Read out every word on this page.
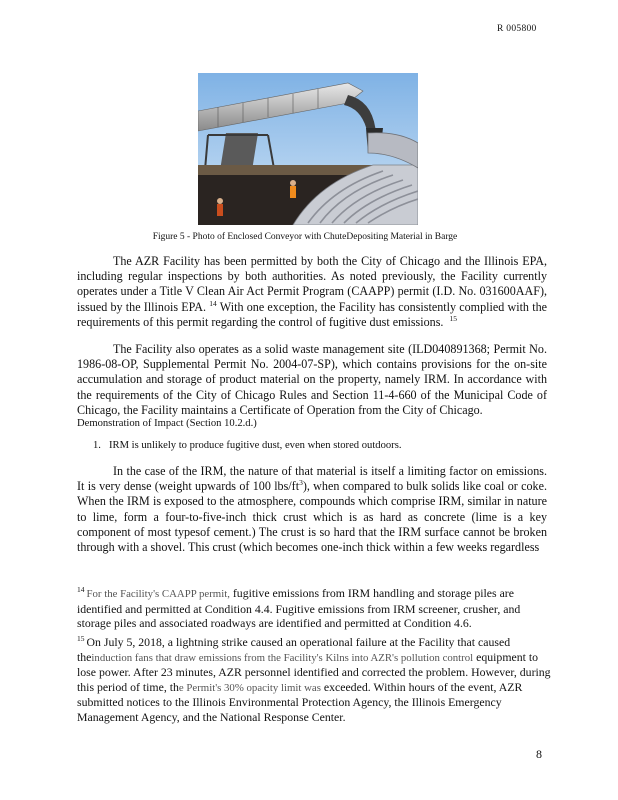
R 005800
Figure 5 - Photo of Enclosed Conveyor with ChuteDepositing Material in Barge

The AZR Facility has been permitted by both the City of Chicago and the Illinois EPA, including regular inspections by both authorities. As noted previously, the Facility currently operates under a Title V Clean Air Act Permit Program (CAAPP) permit (I.D. No. 031600AAF), issued by the Illinois EPA. $^{14}$ With one exception, the Facility has consistently complied with the requirements of this permit regarding the control of fugitive dust emissions. $^{15}$

The Facility also operates as a solid waste management site (ILD040891368; Permit No. 1986-08-OP, Supplemental Permit No. 2004-07-SP), which contains provisions for the on-site accumulation and storage of product material on the property, namely IRM. In accordance with the requirements of the City of Chicago Rules and Section 11-4-660 of the Municipal Code of Chicago, the Facility maintains a Certificate of Operation from the City of Chicago.

Demonstration of Impact (Section 10.2.d.)
1. IRM is unlikely to produce fugitive dust, even when stored outdoors.

In the case of the IRM, the nature of that material is itself a limiting factor on emissions. It is very dense (weight upwards of 100 lbs/$ft^3$), when compared to bulk solids like coal or coke. When the IRM is exposed to the atmosphere, compounds which comprise IRM, similar in nature to lime, form a four-to-five-inch thick crust which is as hard as concrete (lime is a key component of most typesof cement.) The crust is so hard that the IRM surface cannot be broken through with a shovel. This crust (which becomes one-inch thick within a few weeks regardless

$^{14}$ For the Facility's CAAPP permit, fugitive emissions from IRM handling and storage piles are identified and permitted at Condition 4.4. Fugitive emissions from IRM screener, crusher, and storage piles and associated roadways are identified and permitted at Condition 4.6.

$^{15}$ On July 5, 2018, a lightning strike caused an operational failure at the Facility that caused theinduction fans that draw emissions from the Facility's Kilns into AZR's pollution control equipment to lose power. After 23 minutes, AZR personnel identified and corrected the problem. However, during this period of time, the Permit's 30% opacity limit was exceeded. Within hours of the event, AZR submitted notices to the Illinois Environmental Protection Agency, the Illinois Emergency Management Agency, and the National Response Center.

8
